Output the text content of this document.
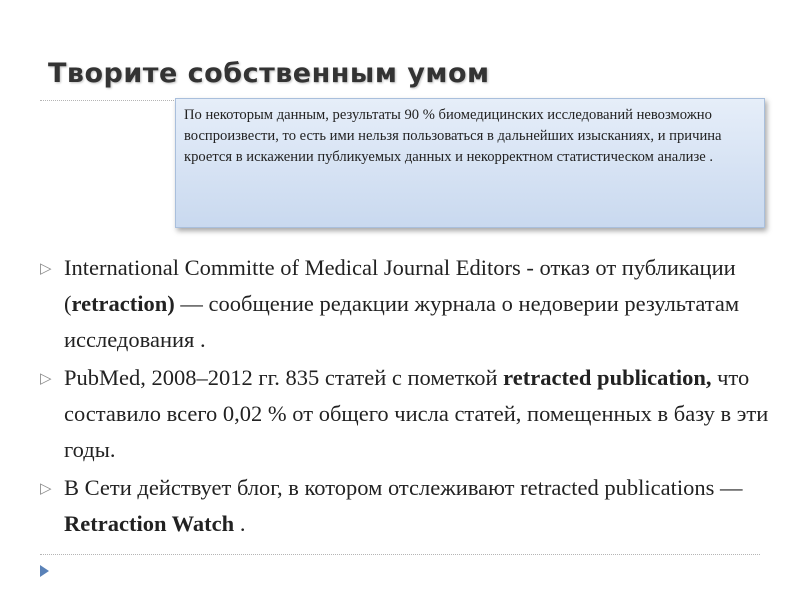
Творите собственным умом
По некоторым данным, результаты 90 % биомедицинских исследований невозможно воспроизвести, то есть ими нельзя пользоваться в дальнейших изысканиях, и причина кроется в искажении публикуемых данных и некорректном статистическом анализе .
▷ International Committe of Medical Journal Editors - отказ от публикации (retraction) — сообщение редакции журнала о недоверии результатам исследования .
▷ PubMed, 2008–2012 гг. 835 статей с пометкой retracted publication, что составило всего 0,02 % от общего числа статей, помещенных в базу в эти годы.
▷ В Сети действует блог, в котором отслеживают retracted publications — Retraction Watch .
